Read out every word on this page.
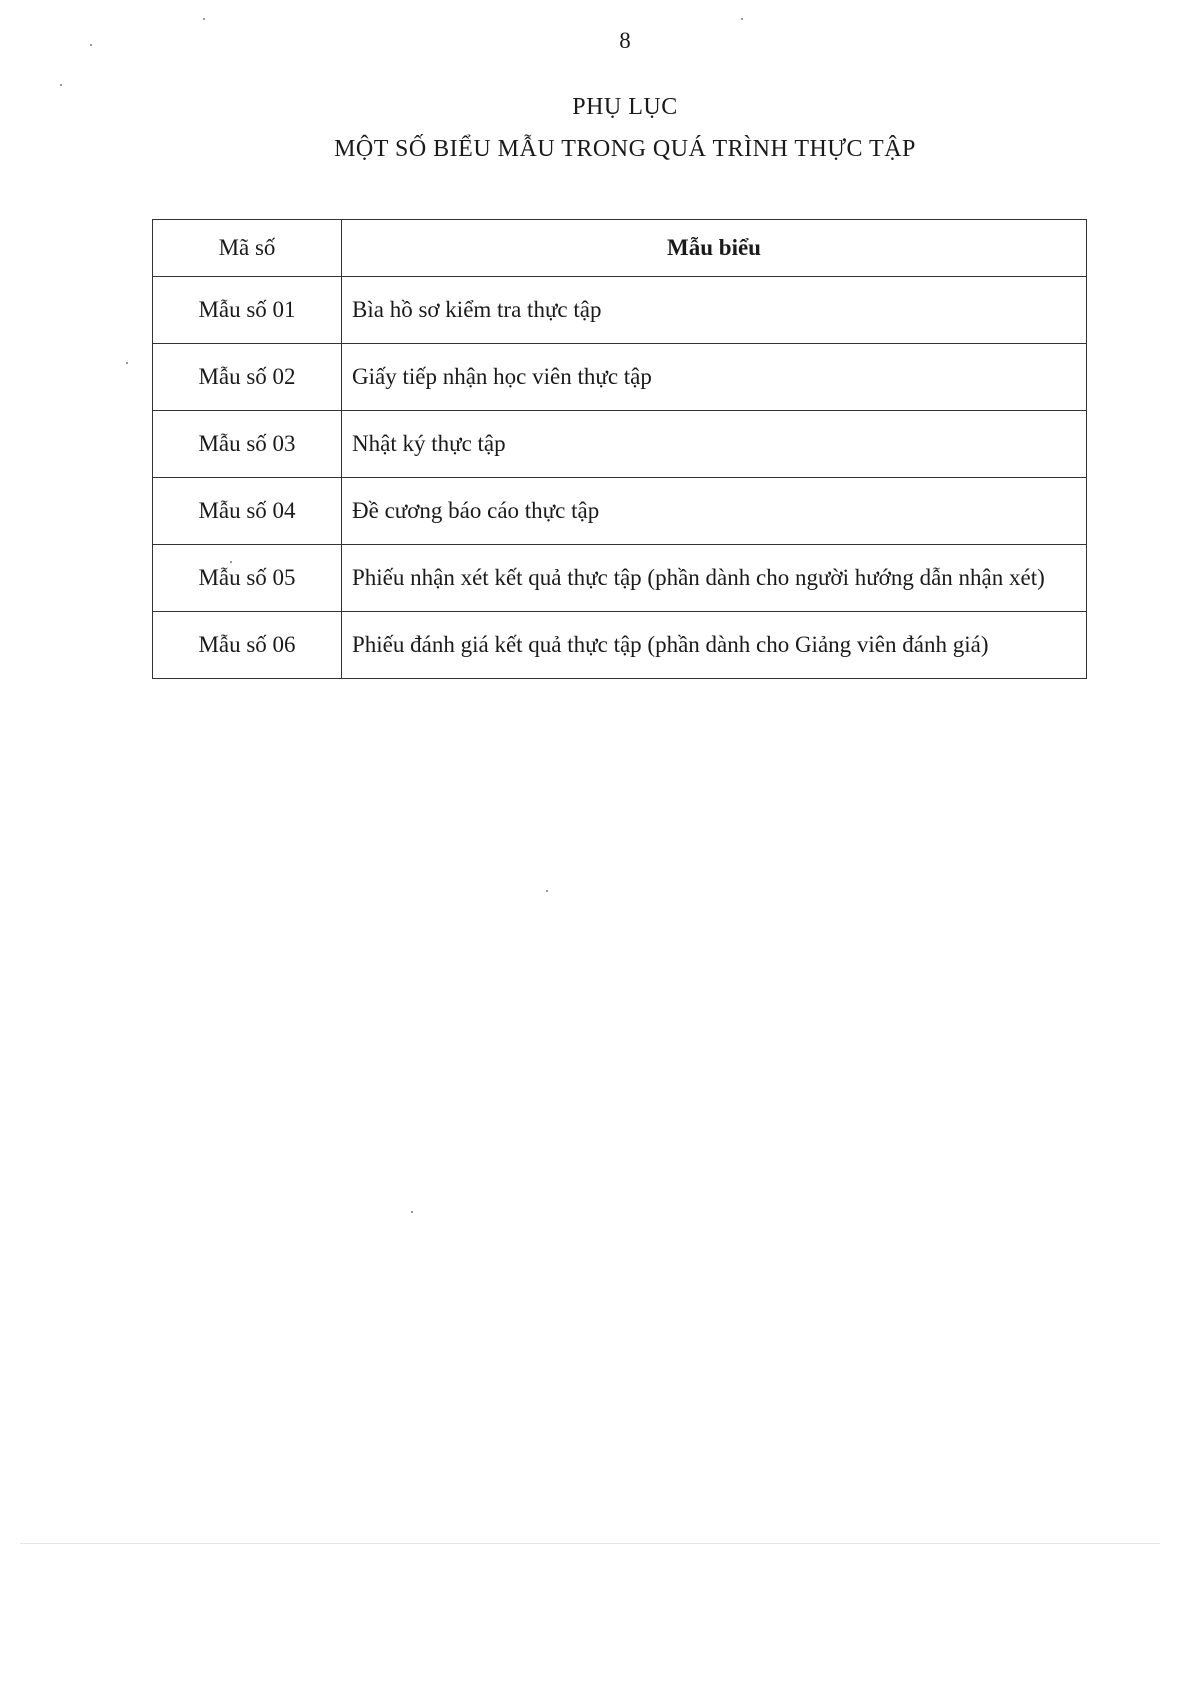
8
PHỤ LỤC
MỘT SỐ BIỂU MẪU TRONG QUÁ TRÌNH THỰC TẬP
Mã số	Mẫu biểu
Mẫu số 01	Bìa hồ sơ kiểm tra thực tập
Mẫu số 02	Giấy tiếp nhận học viên thực tập
Mẫu số 03	Nhật ký thực tập
Mẫu số 04	Đề cương báo cáo thực tập
Mẫu số 05	Phiếu nhận xét kết quả thực tập (phần dành cho người hướng dẫn nhận xét)
Mẫu số 06	Phiếu đánh giá kết quả thực tập (phần dành cho Giảng viên đánh giá)
